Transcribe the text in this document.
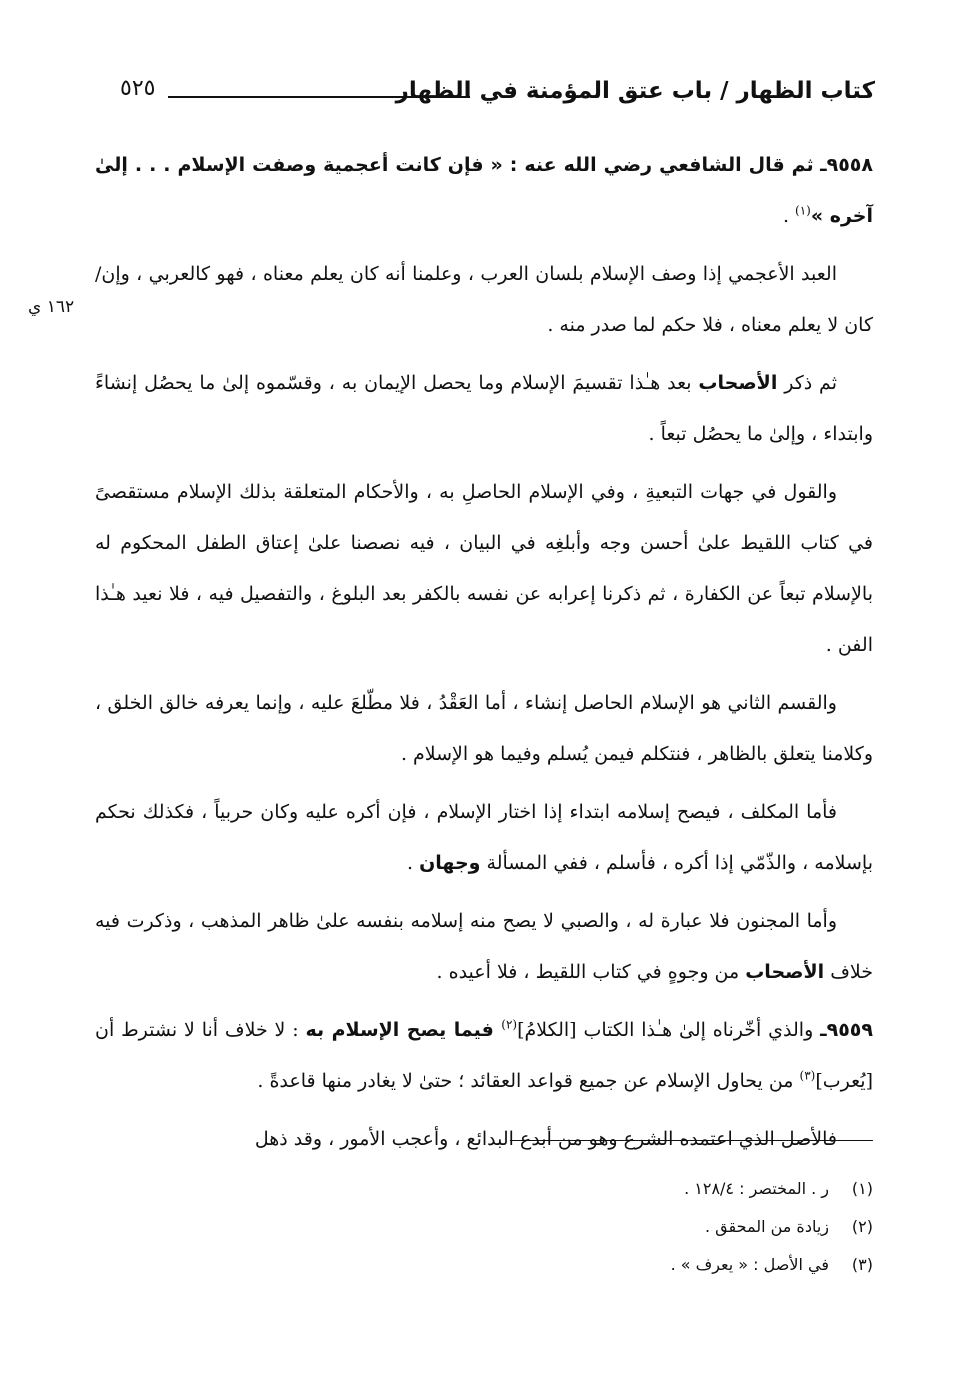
كتاب الظهار / باب عتق المؤمنة في الظهار
٥٢٥
١٦٢ ي

٩٥٥٨ـ ثم قال الشافعي رضي الله عنه : « فإن كانت أعجمية وصفت الإسلام . . . إلىٰ آخره »$^{(١)}$ .

العبد الأعجمي إذا وصف الإسلام بلسان العرب ، وعلمنا أنه كان يعلم معناه ، فهو كالعربي ، وإن/ كان لا يعلم معناه ، فلا حكم لما صدر منه .

ثم ذكر الأصحاب بعد هـٰذا تقسيمَ الإسلام وما يحصل الإيمان به ، وقسّموه إلىٰ ما يحصُل إنشاءً وابتداء ، وإلىٰ ما يحصُل تبعاً .

والقول في جهات التبعيةِ ، وفي الإسلام الحاصلِ به ، والأحكام المتعلقة بذلك الإسلام مستقصىً في كتاب اللقيط علىٰ أحسن وجه وأبلغِه في البيان ، فيه نصصنا علىٰ إعتاق الطفل المحكوم له بالإسلام تبعاً عن الكفارة ، ثم ذكرنا إعرابه عن نفسه بالكفر بعد البلوغ ، والتفصيل فيه ، فلا نعيد هـٰذا الفن .

والقسم الثاني هو الإسلام الحاصل إنشاء ، أما العَقْدُ ، فلا مطّلعَ عليه ، وإنما يعرفه خالق الخلق ، وكلامنا يتعلق بالظاهر ، فنتكلم فيمن يُسلم وفيما هو الإسلام .

فأما المكلف ، فيصح إسلامه ابتداء إذا اختار الإسلام ، فإن أكره عليه وكان حربياً ، فكذلك نحكم بإسلامه ، والذّمّي إذا أكره ، فأسلم ، ففي المسألة وجهان .

وأما المجنون فلا عبارة له ، والصبي لا يصح منه إسلامه بنفسه علىٰ ظاهر المذهب ، وذكرت فيه خلاف الأصحاب من وجوهٍ في كتاب اللقيط ، فلا أعيده .

٩٥٥٩ـ والذي أخّرناه إلىٰ هـٰذا الكتاب [الكلامُ]$^{(٢)}$ فيما يصح الإسلام به : لا خلاف أنا لا نشترط أن [يُعرب]$^{(٣)}$ من يحاول الإسلام عن جميع قواعد العقائد ؛ حتىٰ لا يغادر منها قاعدةً .

فالأصل الذي اعتمده الشرع وهو من أبدع البدائع ، وأعجب الأمور ، وقد ذهل

(١)ر . المختصر : ١٢٨/٤ .
(٢)زيادة من المحقق .
(٣)في الأصل : « يعرف » .
